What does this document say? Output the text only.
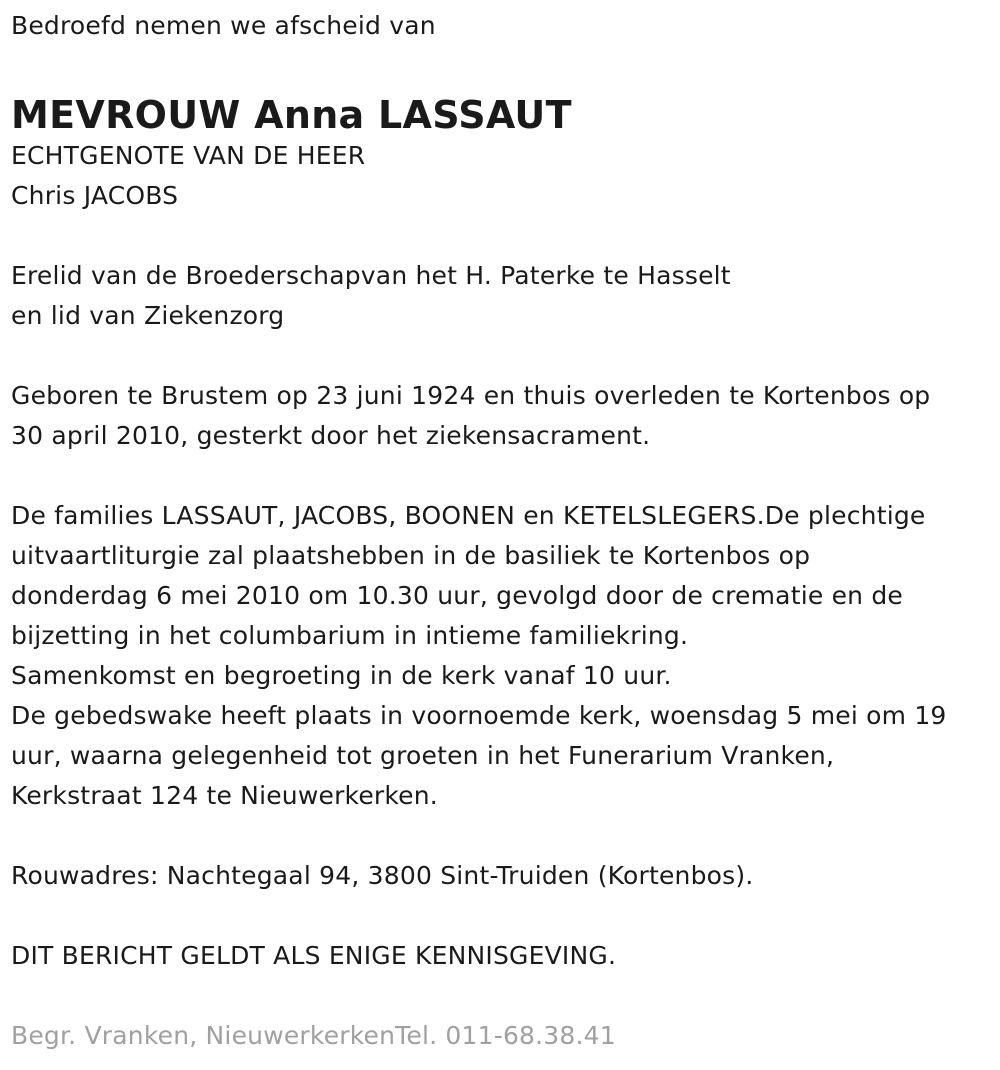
Bedroefd nemen we afscheid van
MEVROUW Anna LASSAUT
ECHTGENOTE VAN DE HEER
Chris JACOBS
Erelid van de Broederschapvan het H. Paterke te Hasselt
en lid van Ziekenzorg
Geboren te Brustem op 23 juni 1924 en thuis overleden te Kortenbos op
30 april 2010, gesterkt door het ziekensacrament.
De families LASSAUT, JACOBS, BOONEN en KETELSLEGERS.De plechtige
uitvaartliturgie zal plaatshebben in de basiliek te Kortenbos op
donderdag 6 mei 2010 om 10.30 uur, gevolgd door de crematie en de
bijzetting in het columbarium in intieme familiekring.
Samenkomst en begroeting in de kerk vanaf 10 uur.
De gebedswake heeft plaats in voornoemde kerk, woensdag 5 mei om 19
uur, waarna gelegenheid tot groeten in het Funerarium Vranken,
Kerkstraat 124 te Nieuwerkerken.
Rouwadres: Nachtegaal 94, 3800 Sint-Truiden (Kortenbos).
DIT BERICHT GELDT ALS ENIGE KENNISGEVING.
Begr. Vranken, NieuwerkerkenTel. 011-68.38.41
